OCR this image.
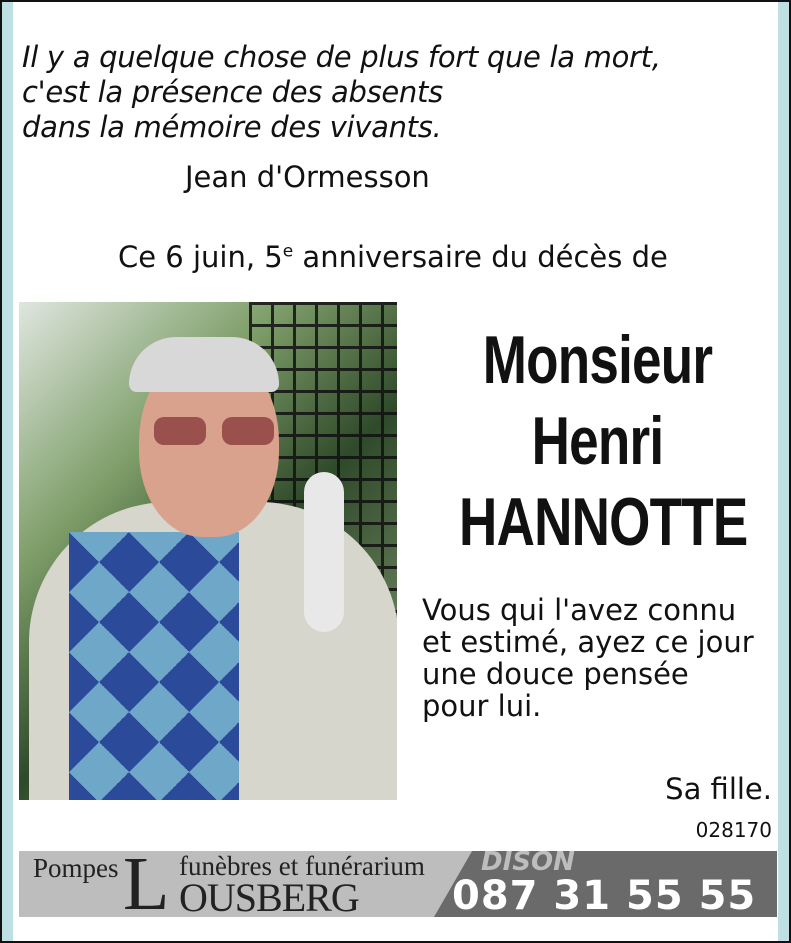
Il y a quelque chose de plus fort que la mort,
c'est la présence des absents
dans la mémoire des vivants.
Jean d'Ormesson
Ce 6 juin, 5e anniversaire du décès de
Monsieur
Henri
HANNOTTE
Vous qui l'avez connu
et estimé, ayez ce jour
une douce pensée
pour lui.
Sa fille.
028170
Pompes L funèbres et funérarium
OUSBERG
DISON
087 31 55 55
